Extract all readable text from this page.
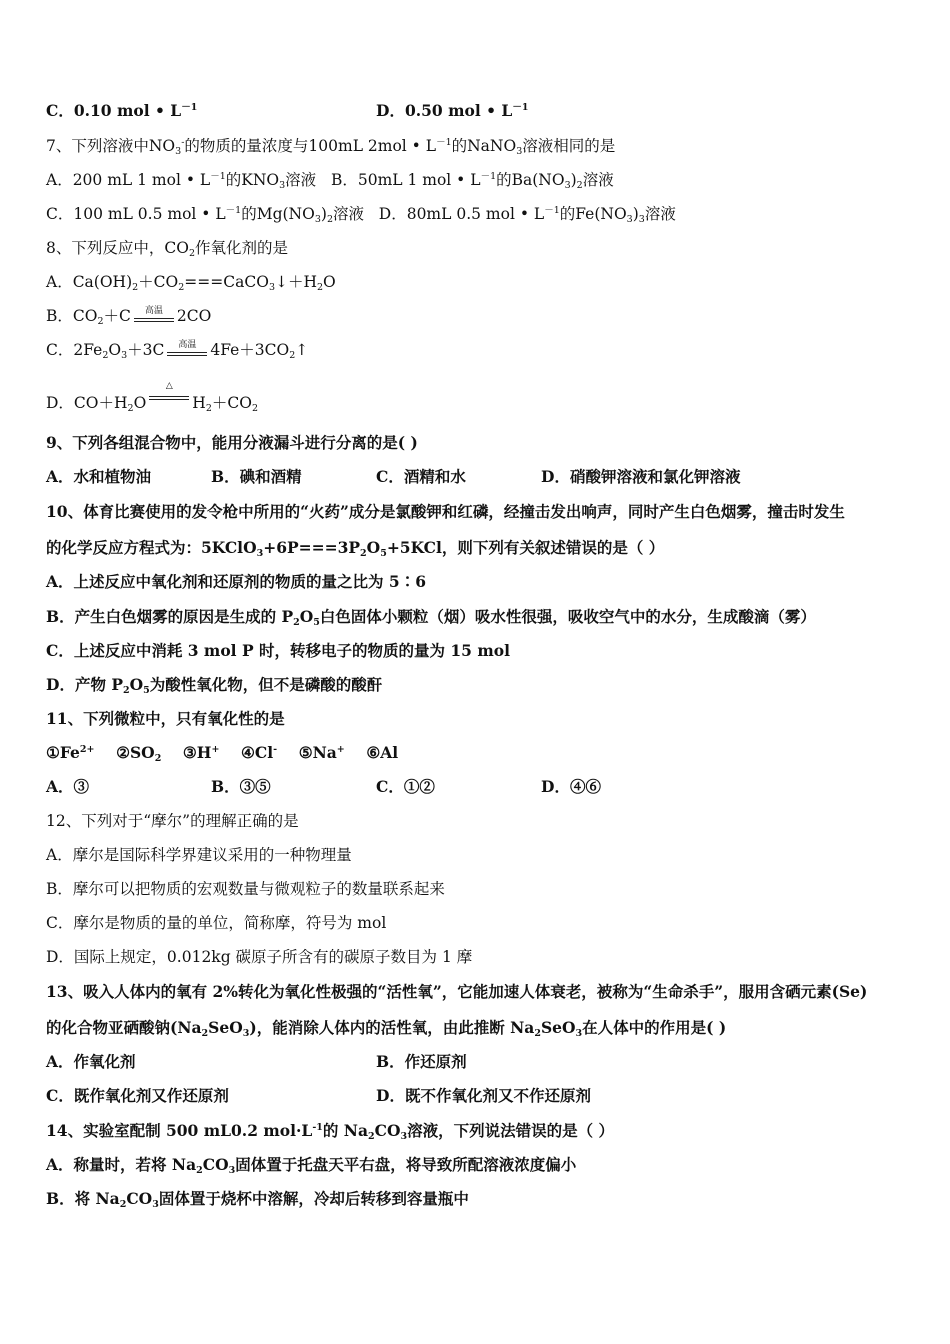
C．0.10 mol • $L^{-1}$	D．0.50 mol • $L^{-1}$
7、下列溶液中$NO_3^-$的物质的量浓度与100mL 2mol • $L^{-1}$的NaNO$_3$溶液相同的是
A．200 mL 1 mol • $L^{-1}$的$KNO_3$溶液 B．50mL 1 mol • $L^{-1}$的$Ba(NO_3)_2$溶液
C．100 mL 0.5 mol • $L^{-1}$的$Mg(NO_3)_2$溶液 D．80mL 0.5 mol • $L^{-1}$的$Fe(NO_3)_3$溶液
8、下列反应中，$CO_2$作氧化剂的是
A．$Ca(OH)_2+CO_2===CaCO_3↓+H_2O$
B．$CO_2+C$	高温 2CO
C．$2Fe_2O_3+3C$	高温 $4Fe+3CO_2↑$
D．$CO+H_2O$
△
$H_2+CO_2$
9、下列各组混合物中，能用分液漏斗进行分离的是( )
A．水和植物油	B．碘和酒精	C．酒精和水	D．硝酸钾溶液和氯化钾溶液
10、体育比赛使用的发令枪中所用的“火药”成分是氯酸钾和红磷，经撞击发出响声，同时产生白色烟雾，撞击时发生
的化学反应方程式为：$5KClO_3+6P===3P_2O_5+5KCl$，则下列有关叙述错误的是（ ）
A．上述反应中氧化剂和还原剂的物质的量之比为 5∶6
B．产生白色烟雾的原因是生成的 $P_2O_5$白色固体小颗粒（烟）吸水性很强，吸收空气中的水分，生成酸滴（雾）
C．上述反应中消耗 3 mol P 时，转移电子的物质的量为 15 mol
D．产物 $P_2O_5$为酸性氧化物，但不是磷酸的酸酐
11、下列微粒中，只有氧化性的是
$①Fe^{2+}$ $②SO_2$ ③H+ ④Cl- ⑤Na+ ⑥Al
A．③	B．③⑤	C．①②	D．④⑥
12、下列对于“摩尔”的理解正确的是
A．摩尔是国际科学界建议采用的一种物理量
B．摩尔可以把物质的宏观数量与微观粒子的数量联系起来
C．摩尔是物质的量的单位，简称摩，符号为 mol
D．国际上规定，0.012kg 碳原子所含有的碳原子数目为 1 摩
13、吸入人体内的氧有 2%转化为氧化性极强的“活性氧”，它能加速人体衰老，被称为“生命杀手”，服用含硒元素(Se)
的化合物亚硒酸钠$(Na_2SeO_3)$，能消除人体内的活性氧，由此推断 $Na_2SeO_3$在人体中的作用是( )
A．作氧化剂	B．作还原剂
C．既作氧化剂又作还原剂	D．既不作氧化剂又不作还原剂
14、实验室配制 500 mL0.2 $mol\cdot L^{-1}$的 $Na_2CO_3$溶液，下列说法错误的是（ ）
A．称量时，若将 $Na_2CO_3$固体置于托盘天平右盘，将导致所配溶液浓度偏小
B．将 $Na_2CO_3$固体置于烧杯中溶解，冷却后转移到容量瓶中
